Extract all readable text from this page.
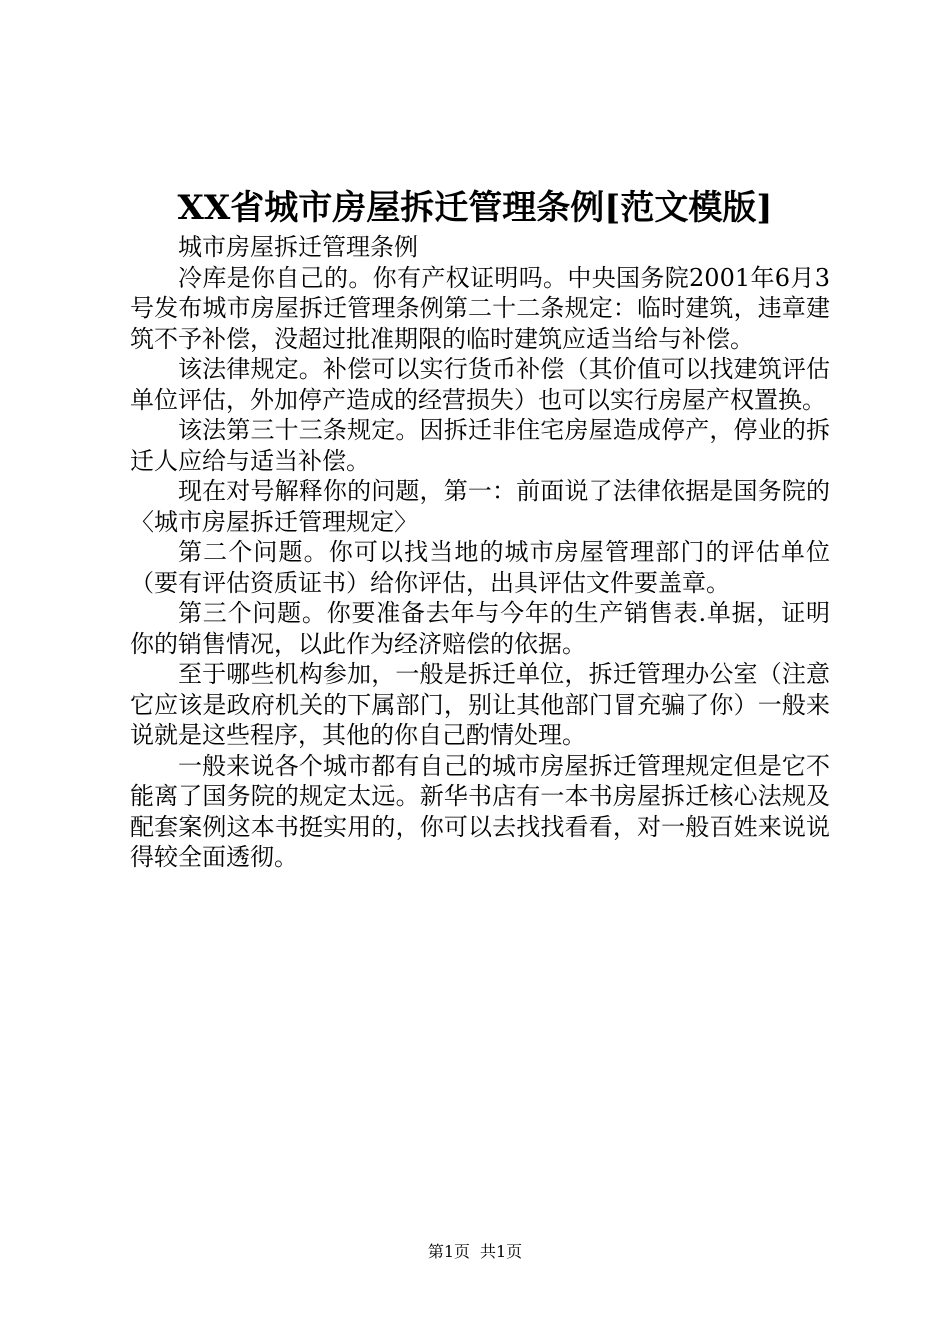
XX省城市房屋拆迁管理条例[范文模版]

城市房屋拆迁管理条例

冷库是你自己的。你有产权证明吗。中央国务院2001年6月3号发布城市房屋拆迁管理条例第二十二条规定：临时建筑，违章建筑不予补偿，没超过批准期限的临时建筑应适当给与补偿。

该法律规定。补偿可以实行货币补偿（其价值可以找建筑评估单位评估，外加停产造成的经营损失）也可以实行房屋产权置换。

该法第三十三条规定。因拆迁非住宅房屋造成停产，停业的拆迁人应给与适当补偿。

现在对号解释你的问题，第一：前面说了法律依据是国务院的〈城市房屋拆迁管理规定〉

第二个问题。你可以找当地的城市房屋管理部门的评估单位（要有评估资质证书）给你评估，出具评估文件要盖章。

第三个问题。你要准备去年与今年的生产销售表.单据，证明你的销售情况，以此作为经济赔偿的依据。

至于哪些机构参加，一般是拆迁单位，拆迁管理办公室（注意它应该是政府机关的下属部门，别让其他部门冒充骗了你）一般来说就是这些程序，其他的你自己酌情处理。

一般来说各个城市都有自己的城市房屋拆迁管理规定但是它不能离了国务院的规定太远。新华书店有一本书房屋拆迁核心法规及配套案例这本书挺实用的，你可以去找找看看，对一般百姓来说说得较全面透彻。

第1页 共1页
